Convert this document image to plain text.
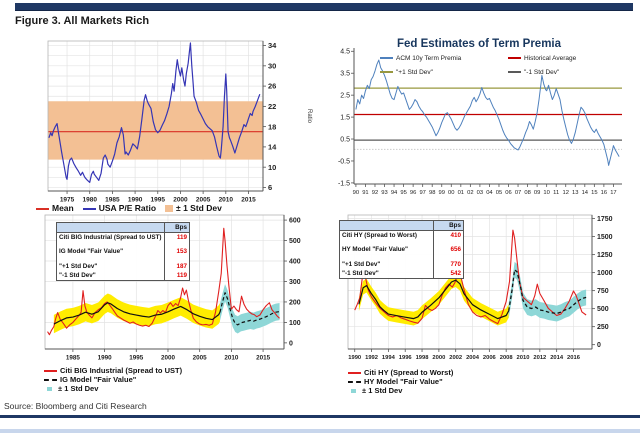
Figure 3. All Markets Rich
1975 1980 1985 1990 1995 2000 2005 2010 2015
6
10
14
18
22
26
30
34
Ratio
Mean	USA P/E Ratio ± 1 Std Dev
90 91 92 93 94 95 96 97 98 99 00 01 02 03 04 05 06 07 08 09 10 11 12 13 14 15 16 17
4.5
3.5
2.5
1.5
0.5
-0.5
-1.5
Fed Estimates of Term Premia
ACM 10y Term Premia	Historical Average
"+1 Std Dev"	"-1 Std Dev"
1985	1990	1995	2000	2005	2010	2015
0
100
200
300
400
500
600
	Bps
Citi BIG Industrial (Spread to UST)	119
IG Model "Fair Value"	153
"+1 Std Dev"	187
"-1 Std Dev"	119
Citi BIG Industrial (Spread to UST)
IG Model "Fair Value"
± 1 Std Dev
1990 1992 1994 1996 1998 2000 2002 2004 2006 2008 2010 2012 2014 2016
0
250
500
750
1000
1250
1500
1750
	Bps
Citi HY (Spread to Worst)	410
HY Model "Fair Value"	656
"+1 Std Dev"	770
"-1 Std Dev"	542
Citi HY (Spread to Worst)
HY Model "Fair Value"
± 1 Std Dev
Source: Bloomberg and Citi Research
